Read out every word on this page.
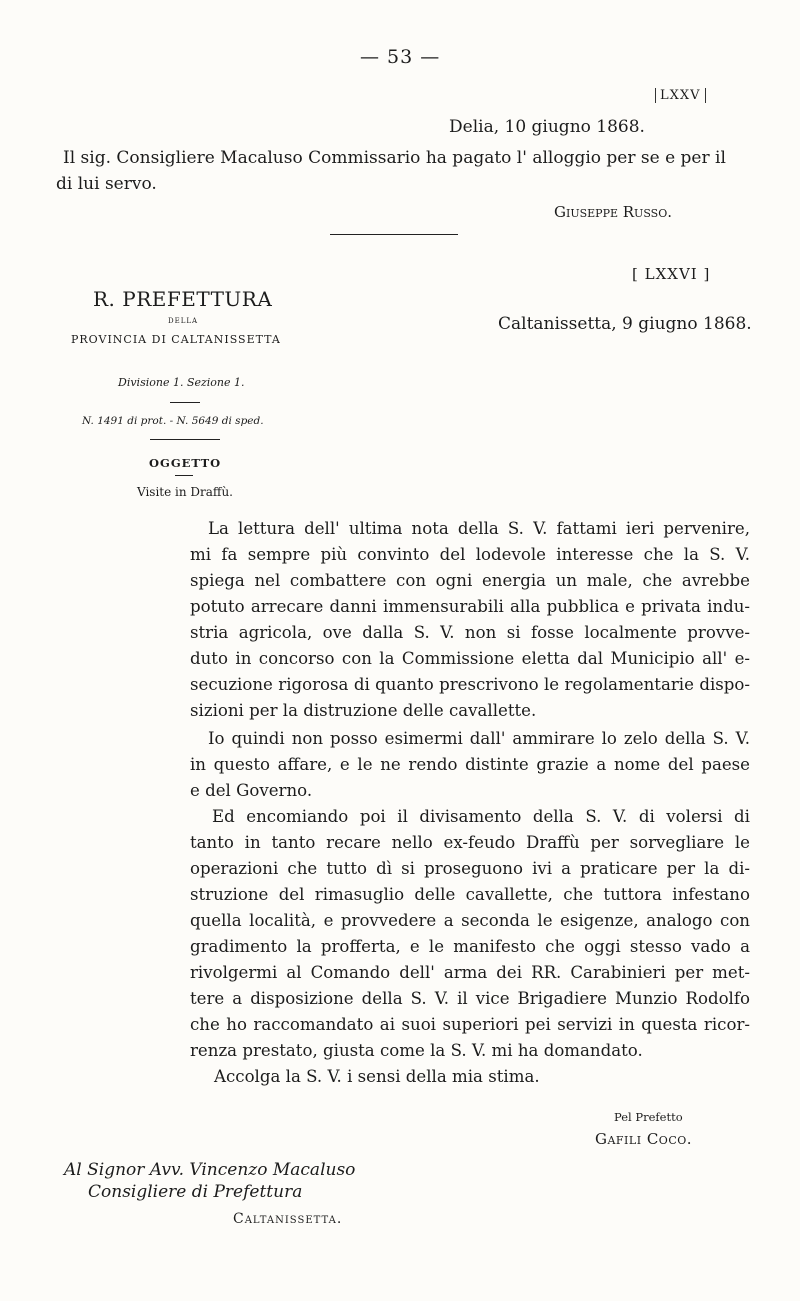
— 53 —
LXXV
Delia, 10 giugno 1868.
Il sig. Consigliere Macaluso Commissario ha pagato l' alloggio per se e per il
di lui servo.
Giuseppe Russo.
[ LXXVI ]
Caltanissetta, 9 giugno 1868.
R. PREFETTURA
DELLA
PROVINCIA DI CALTANISSETTA
Divisione 1. Sezione 1.
N. 1491 di prot. - N. 5649 di sped.
OGGETTO
Visite in Draffù.
La lettura dell' ultima nota della S. V. fattami ieri pervenire,
mi fa sempre più convinto del lodevole interesse che la S. V.
spiega nel combattere con ogni energia un male, che avrebbe
potuto arrecare danni immensurabili alla pubblica e privata indu-
stria agricola, ove dalla S. V. non si fosse localmente provve-
duto in concorso con la Commissione eletta dal Municipio all' e-
secuzione rigorosa di quanto prescrivono le regolamentarie dispo-
sizioni per la distruzione delle cavallette.
Io quindi non posso esimermi dall' ammirare lo zelo della S. V.
in questo affare, e le ne rendo distinte grazie a nome del paese
e del Governo.
Ed encomiando poi il divisamento della S. V. di volersi di
tanto in tanto recare nello ex-feudo Draffù per sorvegliare le
operazioni che tutto dì si proseguono ivi a praticare per la di-
struzione del rimasuglio delle cavallette, che tuttora infestano
quella località, e provvedere a seconda le esigenze, analogo con
gradimento la profferta, e le manifesto che oggi stesso vado a
rivolgermi al Comando dell' arma dei RR. Carabinieri per met-
tere a disposizione della S. V. il vice Brigadiere Munzio Rodolfo
che ho raccomandato ai suoi superiori pei servizi in questa ricor-
renza prestato, giusta come la S. V. mi ha domandato.
Accolga la S. V. i sensi della mia stima.
Pel Prefetto
Gafili Coco.
Al Signor Avv. Vincenzo Macaluso
Consigliere di Prefettura
Caltanissetta.
